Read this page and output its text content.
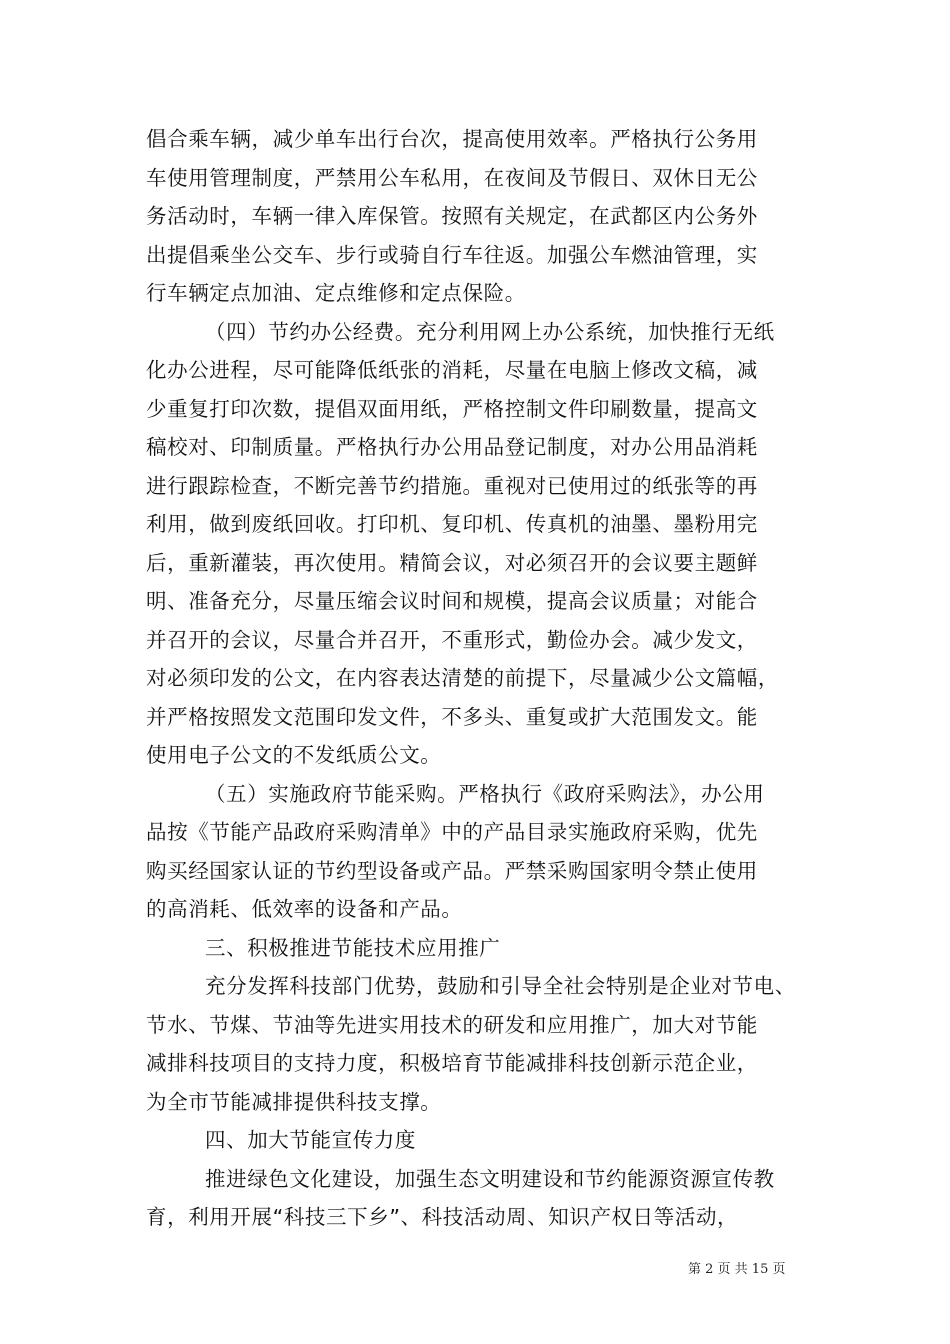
倡合乘车辆，减少单车出行台次，提高使用效率。严格执行公务用
车使用管理制度，严禁用公车私用，在夜间及节假日、双休日无公
务活动时，车辆一律入库保管。按照有关规定，在武都区内公务外
出提倡乘坐公交车、步行或骑自行车往返。加强公车燃油管理，实
行车辆定点加油、定点维修和定点保险。
（四）节约办公经费。充分利用网上办公系统，加快推行无纸
化办公进程，尽可能降低纸张的消耗，尽量在电脑上修改文稿，减
少重复打印次数，提倡双面用纸，严格控制文件印刷数量，提高文
稿校对、印制质量。严格执行办公用品登记制度，对办公用品消耗
进行跟踪检查，不断完善节约措施。重视对已使用过的纸张等的再
利用，做到废纸回收。打印机、复印机、传真机的油墨、墨粉用完
后，重新灌装，再次使用。精简会议，对必须召开的会议要主题鲜
明、准备充分，尽量压缩会议时间和规模，提高会议质量；对能合
并召开的会议，尽量合并召开，不重形式，勤俭办会。减少发文，
对必须印发的公文，在内容表达清楚的前提下，尽量减少公文篇幅，
并严格按照发文范围印发文件，不多头、重复或扩大范围发文。能
使用电子公文的不发纸质公文。
（五）实施政府节能采购。严格执行《政府采购法》，办公用
品按《节能产品政府采购清单》中的产品目录实施政府采购，优先
购买经国家认证的节约型设备或产品。严禁采购国家明令禁止使用
的高消耗、低效率的设备和产品。
三、积极推进节能技术应用推广
充分发挥科技部门优势，鼓励和引导全社会特别是企业对节电、
节水、节煤、节油等先进实用技术的研发和应用推广，加大对节能
减排科技项目的支持力度，积极培育节能减排科技创新示范企业，
为全市节能减排提供科技支撑。
四、加大节能宣传力度
推进绿色文化建设，加强生态文明建设和节约能源资源宣传教
育，利用开展“科技三下乡”、科技活动周、知识产权日等活动，
第 2 页 共 15 页
